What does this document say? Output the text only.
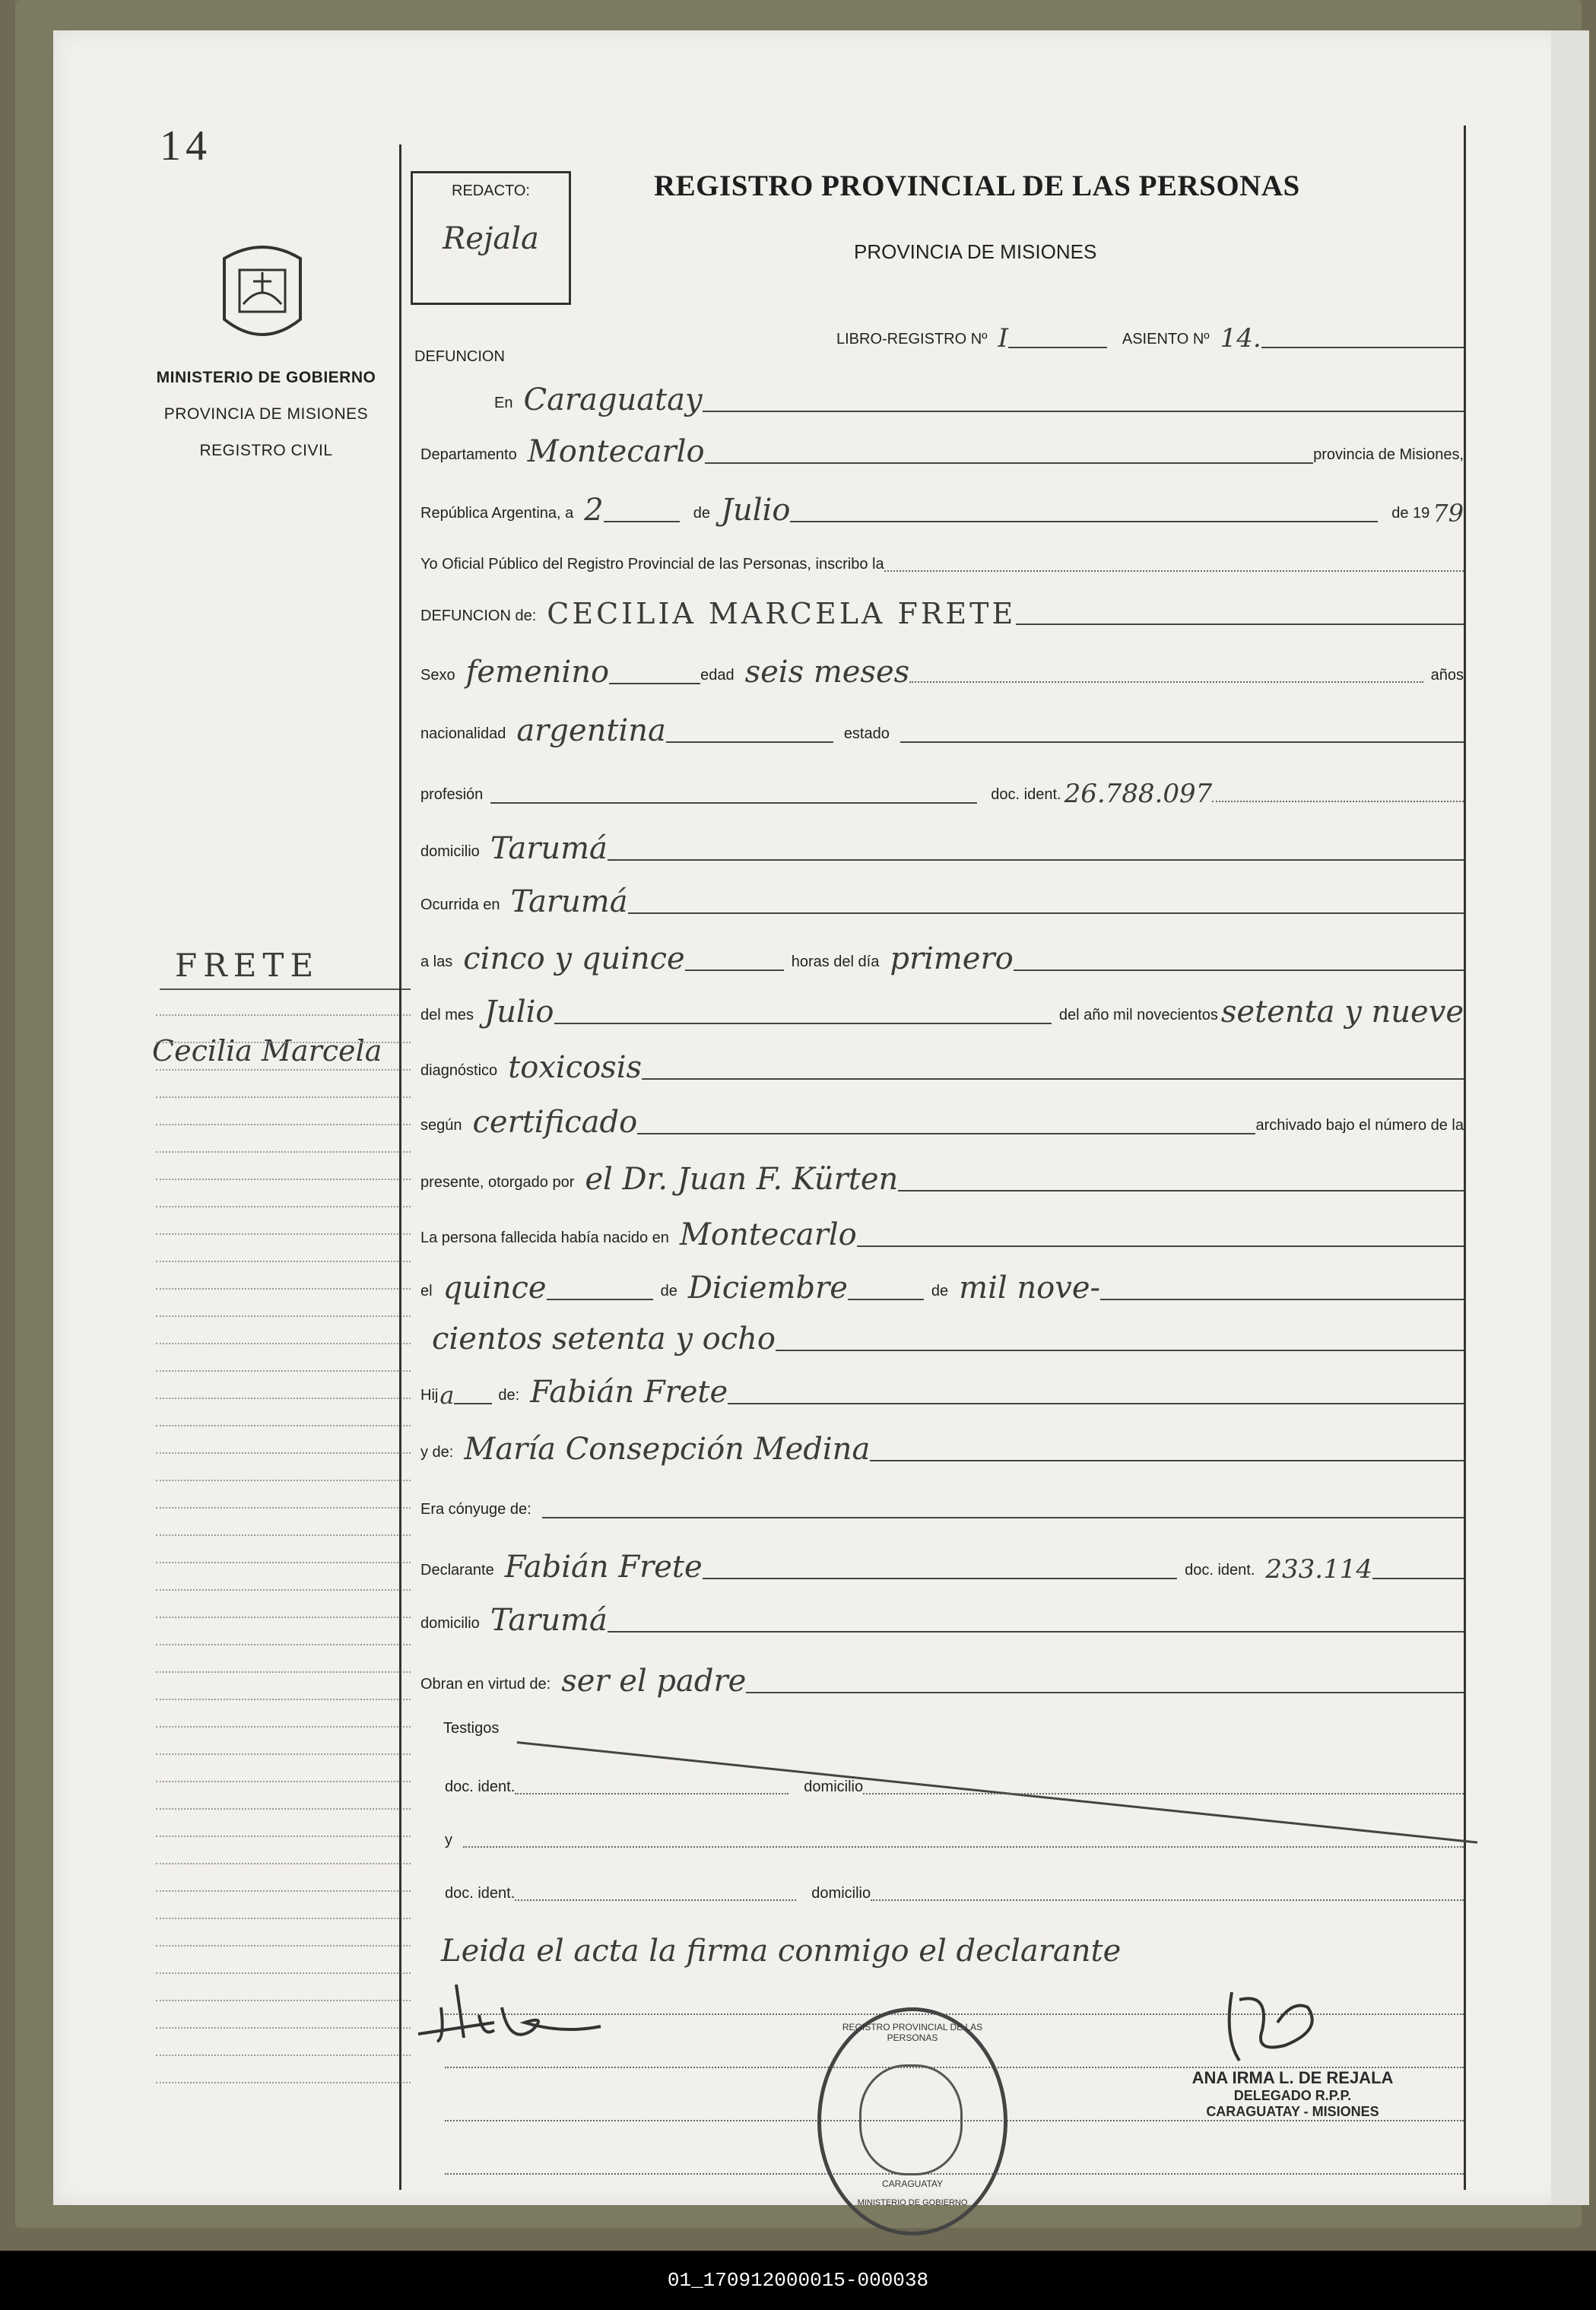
14
MINISTERIO DE GOBIERNO
PROVINCIA DE MISIONES
REGISTRO CIVIL
FRETE
Cecilia Marcela
REDACTO:
Rejala
REGISTRO PROVINCIAL DE LAS PERSONAS
PROVINCIA DE MISIONES
DEFUNCION
LIBRO-REGISTRO Nº I	ASIENTO Nº 14.
En Caraguatay
Departamento Montecarlo	provincia de Misiones,
República Argentina, a 2	de Julio	de 19 79
Yo Oficial Público del Registro Provincial de las Personas, inscribo la
DEFUNCION de: CECILIA MARCELA FRETE
Sexo femenino	edad seis meses	años
nacionalidad argentina	estado
profesión	doc. ident. 26.788.097
domicilio Tarumá
Ocurrida en Tarumá
a las cinco y quince	horas del día primero
del mes Julio	del año mil novecientos setenta y nueve
diagnóstico toxicosis
según certificado	archivado bajo el número de la
presente, otorgado por el Dr. Juan F. Kürten
La persona fallecida había nacido en Montecarlo
el quince	de Diciembre	de mil nove-
cientos setenta y ocho
Hij a	de: Fabián Frete
y de: María Consepción Medina
Era cónyuge de:
Declarante Fabián Frete	doc. ident. 233.114
domicilio Tarumá
Obran en virtud de: ser el padre
Testigos
doc. ident.	domicilio
y
doc. ident.	domicilio
Leida el acta la firma conmigo el declarante
REGISTRO PROVINCIAL DE LAS PERSONAS
CARAGUATAY
MINISTERIO DE GOBIERNO
ANA IRMA L. DE REJALA
DELEGADO R.P.P.
CARAGUATAY - MISIONES
01_170912000015-000038
